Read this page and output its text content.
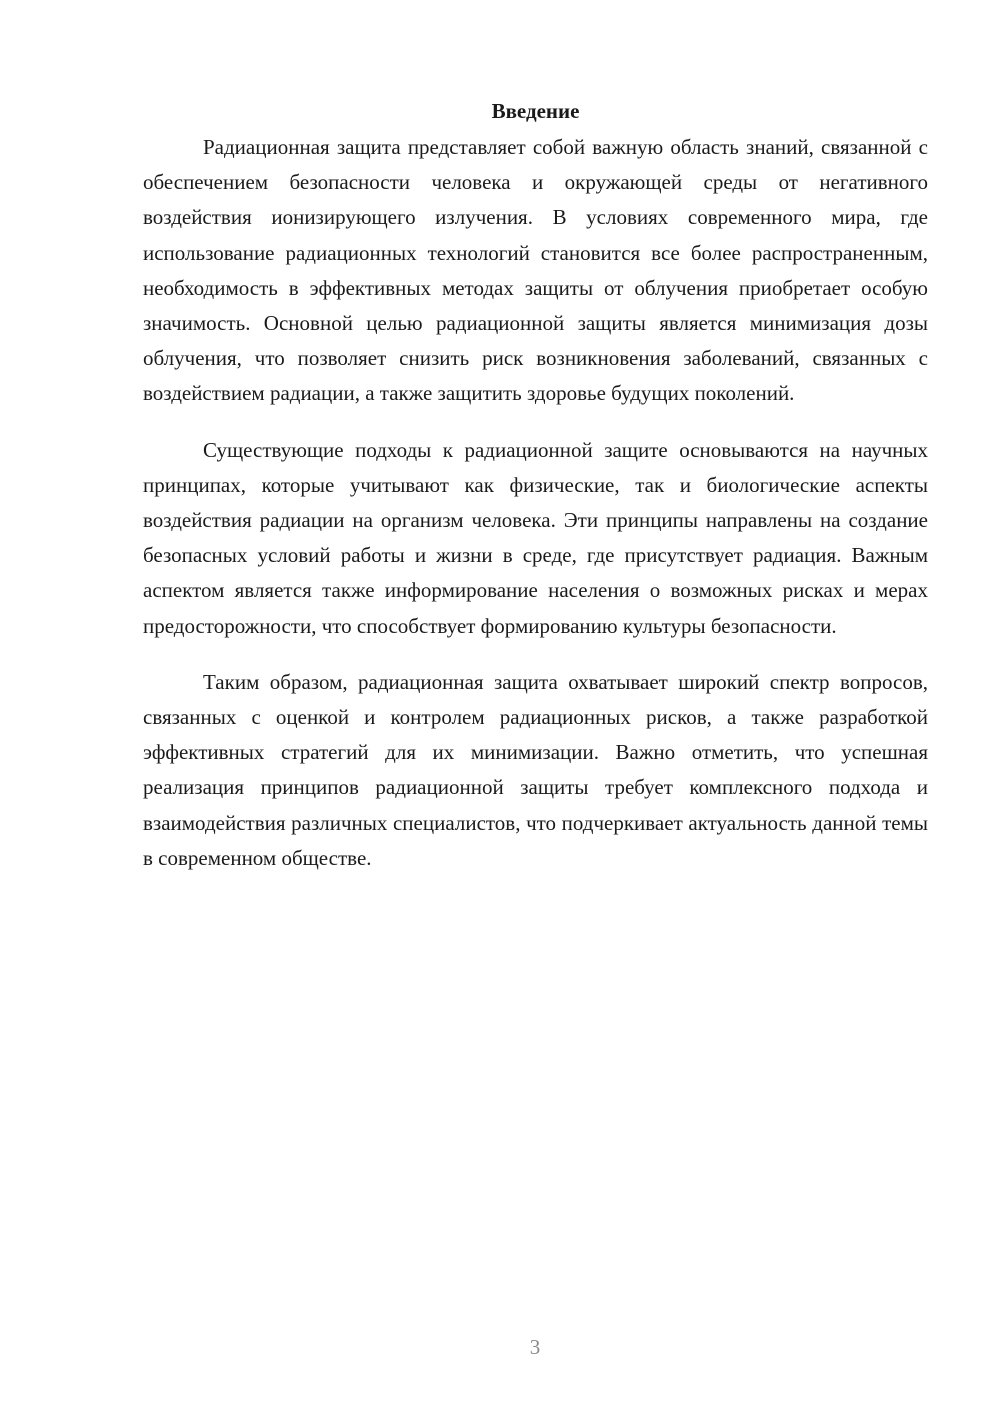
Введение

Радиационная защита представляет собой важную область знаний, связанной с обеспечением безопасности человека и окружающей среды от негативного воздействия ионизирующего излучения. В условиях современного мира, где использование радиационных технологий становится все более распространенным, необходимость в эффективных методах защиты от облучения приобретает особую значимость. Основной целью радиационной защиты является минимизация дозы облучения, что позволяет снизить риск возникновения заболеваний, связанных с воздействием радиации, а также защитить здоровье будущих поколений.

Существующие подходы к радиационной защите основываются на научных принципах, которые учитывают как физические, так и биологические аспекты воздействия радиации на организм человека. Эти принципы направлены на создание безопасных условий работы и жизни в среде, где присутствует радиация. Важным аспектом является также информирование населения о возможных рисках и мерах предосторожности, что способствует формированию культуры безопасности.

Таким образом, радиационная защита охватывает широкий спектр вопросов, связанных с оценкой и контролем радиационных рисков, а также разработкой эффективных стратегий для их минимизации. Важно отметить, что успешная реализация принципов радиационной защиты требует комплексного подхода и взаимодействия различных специалистов, что подчеркивает актуальность данной темы в современном обществе.

3
